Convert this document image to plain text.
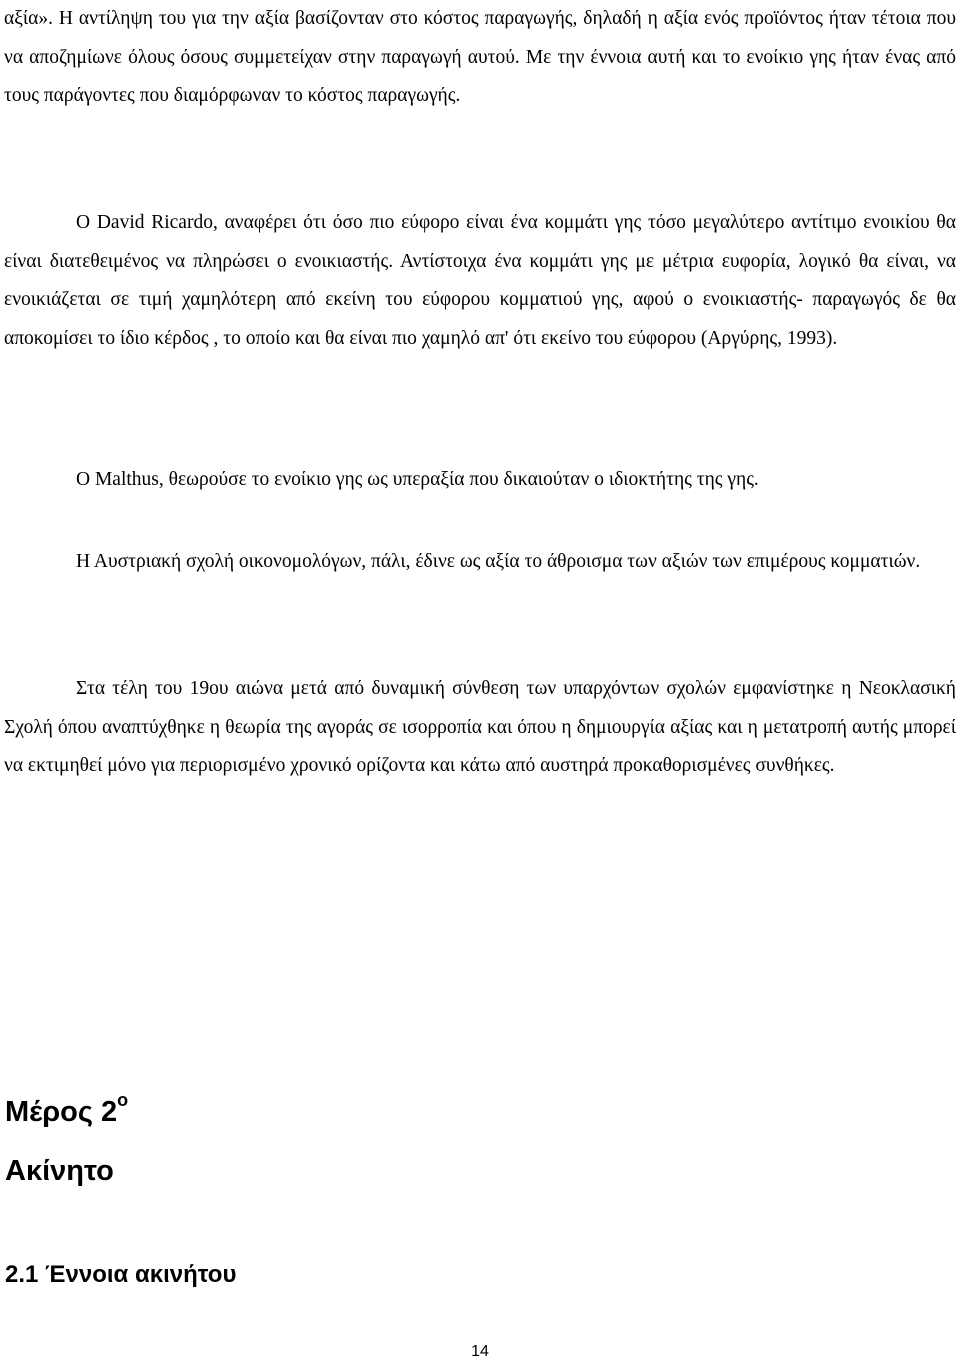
αξία». Η αντίληψη του για την αξία βασίζονταν στο κόστος παραγωγής, δηλαδή η αξία ενός προϊόντος ήταν τέτοια που να αποζημίωνε όλους όσους συμμετείχαν στην παραγωγή αυτού. Με την έννοια αυτή και το ενοίκιο γης ήταν ένας από τους παράγοντες που διαμόρφωναν το κόστος παραγωγής.

Ο David Ricardo, αναφέρει ότι όσο πιο εύφορο είναι ένα κομμάτι γης τόσο μεγαλύτερο αντίτιμο ενοικίου θα είναι διατεθειμένος να πληρώσει ο ενοικιαστής. Αντίστοιχα ένα κομμάτι γης με μέτρια ευφορία, λογικό θα είναι, να ενοικιάζεται σε τιμή χαμηλότερη από εκείνη του εύφορου κομματιού γης, αφού ο ενοικιαστής- παραγωγός δε θα αποκομίσει το ίδιο κέρδος , το οποίο και θα είναι πιο χαμηλό απ' ότι εκείνο του εύφορου (Αργύρης, 1993).

Ο Malthus, θεωρούσε το ενοίκιο γης ως υπεραξία που δικαιούταν ο ιδιοκτήτης της γης.

Η Αυστριακή σχολή οικονομολόγων, πάλι, έδινε ως αξία το άθροισμα των αξιών των επιμέρους κομματιών.

Στα τέλη του 19ου αιώνα μετά από δυναμική σύνθεση των υπαρχόντων σχολών εμφανίστηκε η Νεοκλασική Σχολή όπου αναπτύχθηκε η θεωρία της αγοράς σε ισορροπία και όπου η δημιουργία αξίας και η μετατροπή αυτής μπορεί να εκτιμηθεί μόνο για περιορισμένο χρονικό ορίζοντα και κάτω από αυστηρά προκαθορισμένες συνθήκες.

Μέρος $2^o$
Ακίνητο
2.1 Έννοια ακινήτου
14
